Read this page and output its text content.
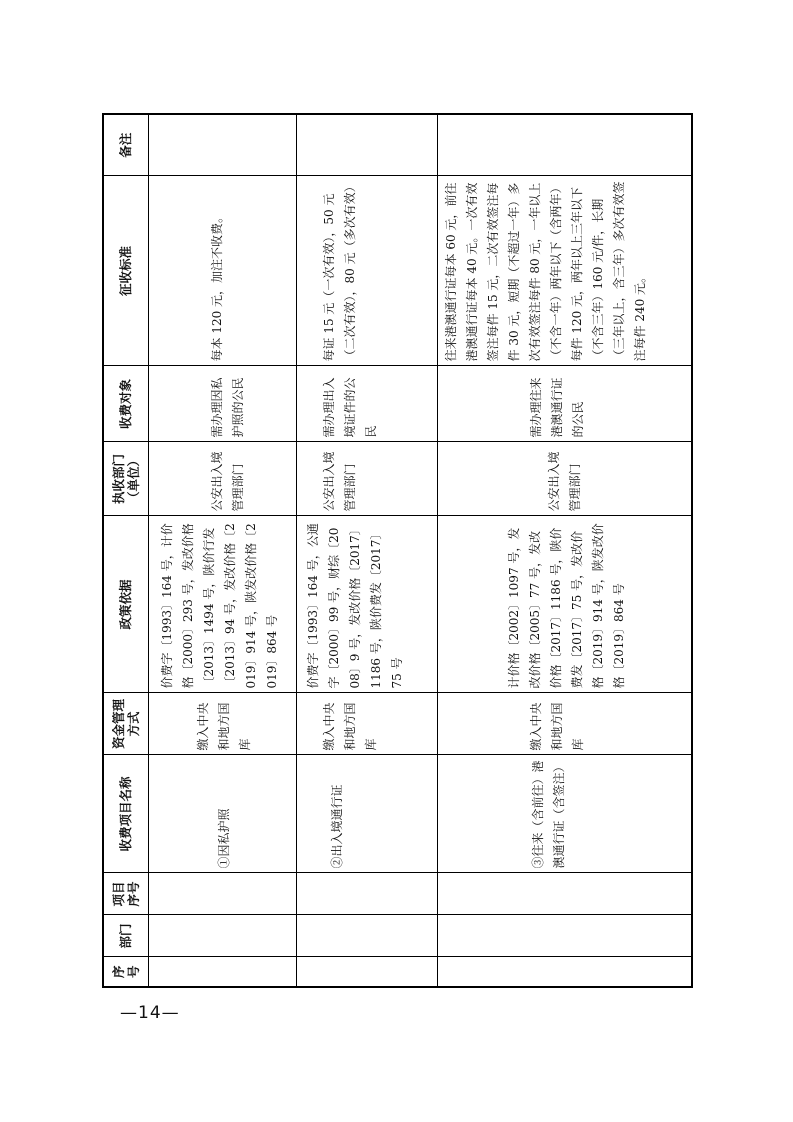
序号	部门	项目序号	收费项目名称	资金管理方式	政策依据	执收部门（单位）	收费对象	征收标准	备注
			①因私护照	缴入中央和地方国库	价费字〔1993〕164 号，计价格〔2000〕293 号，发改价格〔2013〕1494 号，陕价行发〔2013〕94 号，发改价格〔2019〕914 号，陕发改价格〔2019〕864 号	公安出入境管理部门	需办理因私护照的公民	每本 120 元，加注不收费。	
			②出入境通行证	缴入中央和地方国库	价费字〔1993〕164 号，公通字〔2000〕99 号，财综〔2008〕9 号，发改价格〔2017〕1186 号，陕价费发〔2017〕75 号	公安出入境管理部门	需办理出入境证件的公民	每证 15 元（一次有效），50 元（二次有效），80 元（多次有效）	
			③往来（含前往）港澳通行证（含签注）	缴入中央和地方国库	计价格〔2002〕1097 号，发改价格〔2005〕77 号，发改价格〔2017〕1186 号，陕价费发〔2017〕75 号，发改价格〔2019〕914 号，陕发改价格〔2019〕864 号	公安出入境管理部门	需办理往来港澳通行证的公民	往来港澳通行证每本 60 元，前往港澳通行证每本 40 元。一次有效签注每件 15 元，二次有效签注每件 30 元，短期（不超过一年）多次有效签注每件 80 元，一年以上（不含一年）两年以下（含两年）每件 120 元，两年以上三年以下（不含三年）160 元/件，长期（三年以上，含三年）多次有效签注每件 240 元。	
—14—
